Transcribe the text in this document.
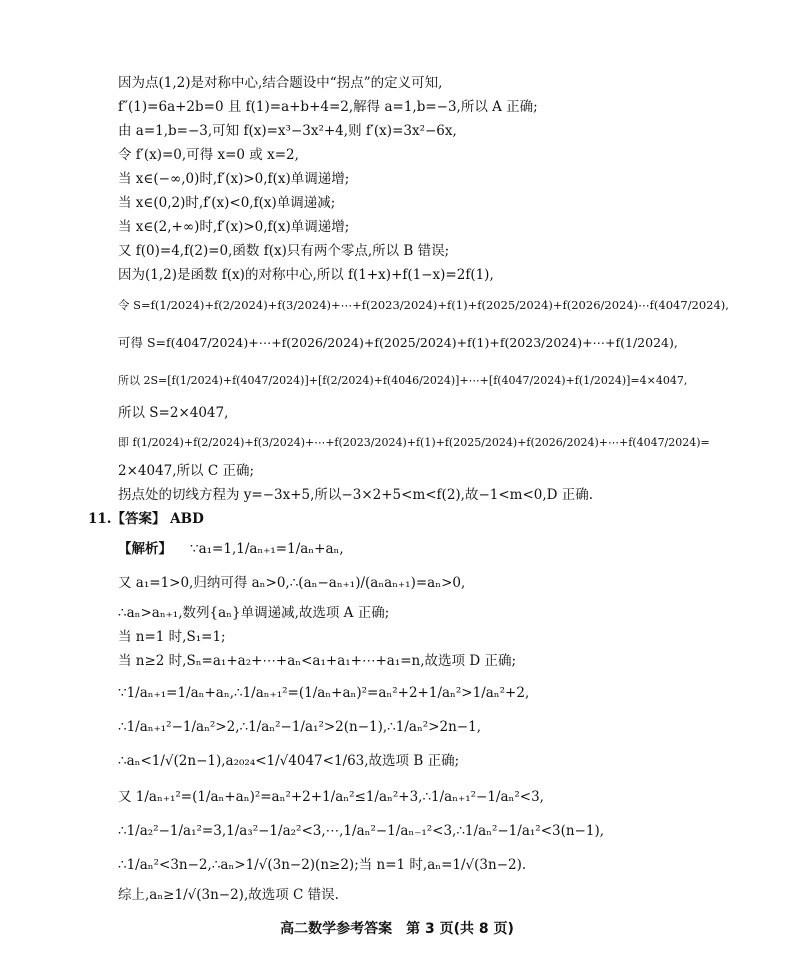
因为点(1,2)是对称中心,结合题设中“拐点”的定义可知,
f″(1)=6a+2b=0 且 f(1)=a+b+4=2,解得 a=1,b=−3,所以 A 正确;
由 a=1,b=−3,可知 f(x)=x³−3x²+4,则 f′(x)=3x²−6x,
令 f′(x)=0,可得 x=0 或 x=2,
当 x∈(−∞,0)时,f′(x)>0,f(x)单调递增;
当 x∈(0,2)时,f′(x)<0,f(x)单调递减;
当 x∈(2,+∞)时,f′(x)>0,f(x)单调递增;
又 f(0)=4,f(2)=0,函数 f(x)只有两个零点,所以 B 错误;
因为(1,2)是函数 f(x)的对称中心,所以 f(1+x)+f(1−x)=2f(1),
令 S=f(1/2024)+f(2/2024)+f(3/2024)+⋯+f(2023/2024)+f(1)+f(2025/2024)+f(2026/2024)⋯f(4047/2024),
可得 S=f(4047/2024)+⋯+f(2026/2024)+f(2025/2024)+f(1)+f(2023/2024)+⋯+f(1/2024),
所以 2S=[f(1/2024)+f(4047/2024)]+[f(2/2024)+f(4046/2024)]+⋯+[f(4047/2024)+f(1/2024)]=4×4047,
所以 S=2×4047,
即 f(1/2024)+f(2/2024)+f(3/2024)+⋯+f(2023/2024)+f(1)+f(2025/2024)+f(2026/2024)+⋯+f(4047/2024)=
2×4047,所以 C 正确;
拐点处的切线方程为 y=−3x+5,所以−3×2+5<m<f(2),故−1<m<0,D 正确.
11.【答案】 ABD
【解析】 ∵a₁=1,1/aₙ₊₁=1/aₙ+aₙ,
又 a₁=1>0,归纳可得 aₙ>0,∴(aₙ−aₙ₊₁)/(aₙaₙ₊₁)=aₙ>0,
∴aₙ>aₙ₊₁,数列{aₙ}单调递减,故选项 A 正确;
当 n=1 时,S₁=1;
当 n≥2 时,Sₙ=a₁+a₂+⋯+aₙ<a₁+a₁+⋯+a₁=n,故选项 D 正确;
∵1/aₙ₊₁=1/aₙ+aₙ,∴1/aₙ₊₁²=(1/aₙ+aₙ)²=aₙ²+2+1/aₙ²>1/aₙ²+2,
∴1/aₙ₊₁²−1/aₙ²>2,∴1/aₙ²−1/a₁²>2(n−1),∴1/aₙ²>2n−1,
∴aₙ<1/√(2n−1),a₂₀₂₄<1/√4047<1/63,故选项 B 正确;
又 1/aₙ₊₁²=(1/aₙ+aₙ)²=aₙ²+2+1/aₙ²≤1/aₙ²+3,∴1/aₙ₊₁²−1/aₙ²<3,
∴1/a₂²−1/a₁²=3,1/a₃²−1/a₂²<3,⋯,1/aₙ²−1/aₙ₋₁²<3,∴1/aₙ²−1/a₁²<3(n−1),
∴1/aₙ²<3n−2,∴aₙ>1/√(3n−2)(n≥2);当 n=1 时,aₙ=1/√(3n−2).
综上,aₙ≥1/√(3n−2),故选项 C 错误.
高二数学参考答案　第 3 页(共 8 页)
